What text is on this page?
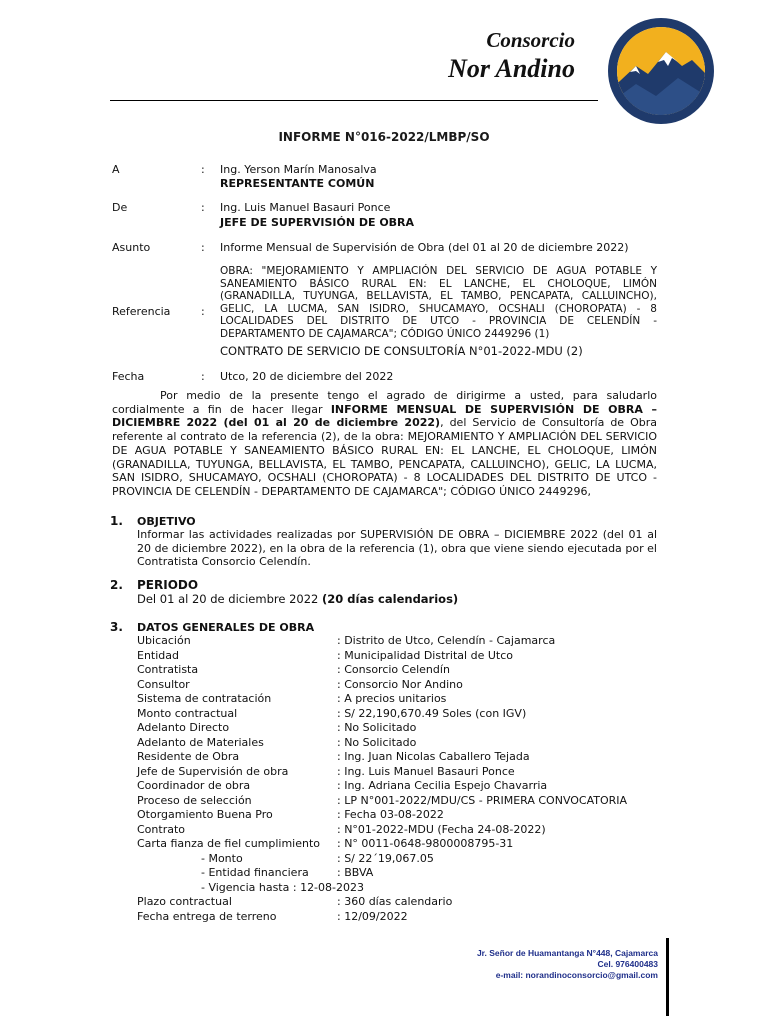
Consorcio
Nor Andino
INFORME N°016-2022/LMBP/SO
A	: Ing. Yerson Marín Manosalva
REPRESENTANTE COMÚN
De	: Ing. Luis Manuel Basauri Ponce
JEFE DE SUPERVISIÓN DE OBRA
Asunto	: Informe Mensual de Supervisión de Obra (del 01 al 20 de diciembre 2022)
Referencia	:
OBRA: "MEJORAMIENTO Y AMPLIACIÓN DEL SERVICIO DE AGUA POTABLE Y SANEAMIENTO BÁSICO RURAL EN: EL LANCHE, EL CHOLOQUE, LIMÓN (GRANADILLA, TUYUNGA, BELLAVISTA, EL TAMBO, PENCAPATA, CALLUINCHO), GELIC, LA LUCMA, SAN ISIDRO, SHUCAMAYO, OCSHALI (CHOROPATA) - 8 LOCALIDADES DEL DISTRITO DE UTCO - PROVINCIA DE CELENDÍN - DEPARTAMENTO DE CAJAMARCA"; CÓDIGO ÚNICO 2449296 (1)
CONTRATO DE SERVICIO DE CONSULTORÍA N°01-2022-MDU (2)
Fecha	: Utco, 20 de diciembre del 2022
Por medio de la presente tengo el agrado de dirigirme a usted, para saludarlo cordialmente a fin de hacer llegar INFORME MENSUAL DE SUPERVISIÓN DE OBRA – DICIEMBRE 2022 (del 01 al 20 de diciembre 2022), del Servicio de Consultoría de Obra referente al contrato de la referencia (2), de la obra: MEJORAMIENTO Y AMPLIACIÓN DEL SERVICIO DE AGUA POTABLE Y SANEAMIENTO BÁSICO RURAL EN: EL LANCHE, EL CHOLOQUE, LIMÓN (GRANADILLA, TUYUNGA, BELLAVISTA, EL TAMBO, PENCAPATA, CALLUINCHO), GELIC, LA LUCMA, SAN ISIDRO, SHUCAMAYO, OCSHALI (CHOROPATA) - 8 LOCALIDADES DEL DISTRITO DE UTCO - PROVINCIA DE CELENDÍN - DEPARTAMENTO DE CAJAMARCA"; CÓDIGO ÚNICO 2449296,
1. OBJETIVO
Informar las actividades realizadas por SUPERVISIÓN DE OBRA – DICIEMBRE 2022 (del 01 al 20 de diciembre 2022), en la obra de la referencia (1), obra que viene siendo ejecutada por el Contratista Consorcio Celendín.
2. PERIODO
Del 01 al 20 de diciembre 2022 (20 días calendarios)
3. DATOS GENERALES DE OBRA
Ubicación	: Distrito de Utco, Celendín - Cajamarca
Entidad	: Municipalidad Distrital de Utco
Contratista	: Consorcio Celendín
Consultor	: Consorcio Nor Andino
Sistema de contratación	: A precios unitarios
Monto contractual	: S/ 22,190,670.49 Soles (con IGV)
Adelanto Directo	: No Solicitado
Adelanto de Materiales	: No Solicitado
Residente de Obra	: Ing. Juan Nicolas Caballero Tejada
Jefe de Supervisión de obra	: Ing. Luis Manuel Basauri Ponce
Coordinador de obra	: Ing. Adriana Cecilia Espejo Chavarria
Proceso de selección	: LP N°001-2022/MDU/CS - PRIMERA CONVOCATORIA
Otorgamiento Buena Pro	: Fecha 03-08-2022
Contrato	: N°01-2022-MDU (Fecha 24-08-2022)
Carta fianza de fiel cumplimiento : N° 0011-0648-9800008795-31
- Monto	: S/ 22´19,067.05
- Entidad financiera	: BBVA
- Vigencia hasta : 12-08-2023
Plazo contractual	: 360 días calendario
Fecha entrega de terreno	: 12/09/2022
Jr. Señor de Huamantanga N°448, Cajamarca
Cel. 976400483
e-mail: norandinoconsorcio@gmail.com
